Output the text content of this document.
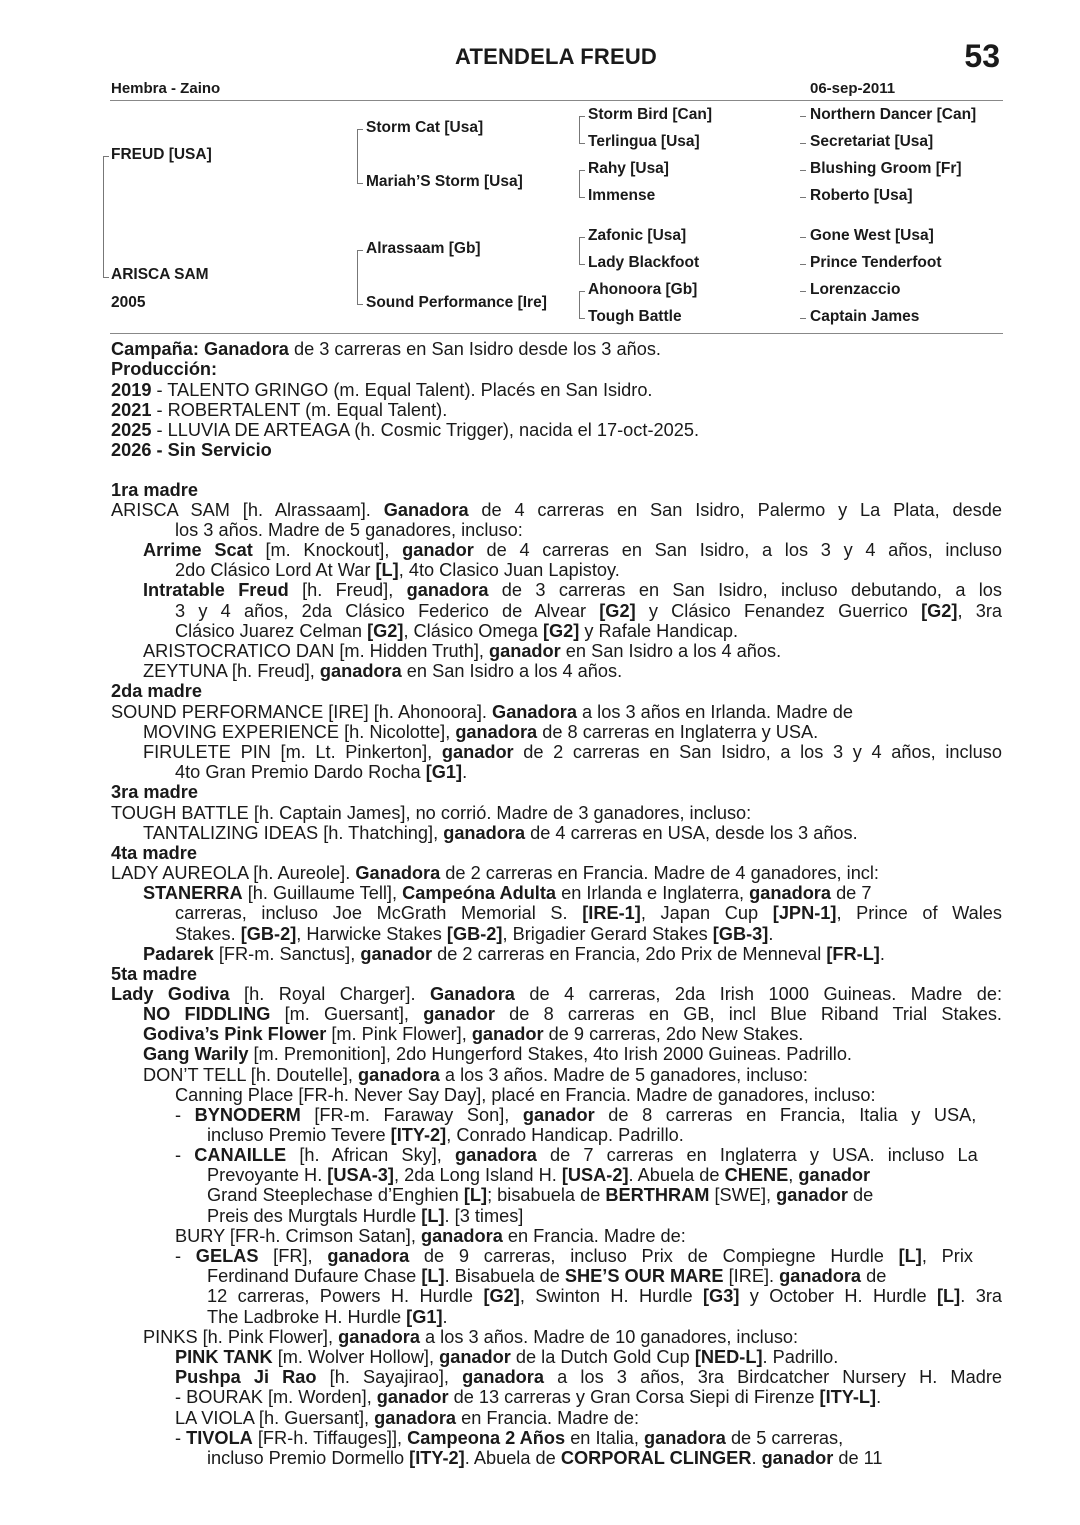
ATENDELA FREUD	53
Hembra - Zaino	06-sep-2011
FREUD [USA]
ARISCA SAM
2005
Storm Cat [Usa]
Mariah’S Storm [Usa]
Alrassaam [Gb]
Sound Performance [Ire]
Storm Bird [Can]
Terlingua [Usa]
Rahy [Usa]
Immense
Zafonic [Usa]
Lady Blackfoot
Ahonoora [Gb]
Tough Battle
Northern Dancer [Can]
Secretariat [Usa]
Blushing Groom [Fr]
Roberto [Usa]
Gone West [Usa]
Prince Tenderfoot
Lorenzaccio
Captain James
Campaña: Ganadora de 3 carreras en San Isidro desde los 3 años.
Producción:
2019 - TALENTO GRINGO (m. Equal Talent). Placés en San Isidro.
2021 - ROBERTALENT (m. Equal Talent).
2025 - LLUVIA DE ARTEAGA (h. Cosmic Trigger), nacida el 17-oct-2025.
2026 - Sin Servicio
1ra madre
ARISCA SAM [h. Alrassaam]. Ganadora de 4 carreras en San Isidro, Palermo y La Plata, desde
los 3 años. Madre de 5 ganadores, incluso:
Arrime Scat [m. Knockout], ganador de 4 carreras en San Isidro, a los 3 y 4 años, incluso
2do Clásico Lord At War [L], 4to Clasico Juan Lapistoy.
Intratable Freud [h. Freud], ganadora de 3 carreras en San Isidro, incluso debutando, a los
3 y 4 años, 2da Clásico Federico de Alvear [G2] y Clásico Fenandez Guerrico [G2], 3ra
Clásico Juarez Celman [G2], Clásico Omega [G2] y Rafale Handicap.
ARISTOCRATICO DAN [m. Hidden Truth], ganador en San Isidro a los 4 años.
ZEYTUNA [h. Freud], ganadora en San Isidro a los 4 años.
2da madre
SOUND PERFORMANCE [IRE] [h. Ahonoora]. Ganadora a los 3 años en Irlanda. Madre de
MOVING EXPERIENCE [h. Nicolotte], ganadora de 8 carreras en Inglaterra y USA.
FIRULETE PIN [m. Lt. Pinkerton], ganador de 2 carreras en San Isidro, a los 3 y 4 años, incluso
4to Gran Premio Dardo Rocha [G1].
3ra madre
TOUGH BATTLE [h. Captain James], no corrió. Madre de 3 ganadores, incluso:
TANTALIZING IDEAS [h. Thatching], ganadora de 4 carreras en USA, desde los 3 años.
4ta madre
LADY AUREOLA [h. Aureole]. Ganadora de 2 carreras en Francia. Madre de 4 ganadores, incl:
STANERRA [h. Guillaume Tell], Campeóna Adulta en Irlanda e Inglaterra, ganadora de 7
carreras, incluso Joe McGrath Memorial S. [IRE-1], Japan Cup [JPN-1], Prince of Wales
Stakes. [GB-2], Harwicke Stakes [GB-2], Brigadier Gerard Stakes [GB-3].
Padarek [FR-m. Sanctus], ganador de 2 carreras en Francia, 2do Prix de Menneval [FR-L].
5ta madre
Lady Godiva [h. Royal Charger]. Ganadora de 4 carreras, 2da Irish 1000 Guineas. Madre de:
NO FIDDLING [m. Guersant], ganador de 8 carreras en GB, incl Blue Riband Trial Stakes.
Godiva’s Pink Flower [m. Pink Flower], ganador de 9 carreras, 2do New Stakes.
Gang Warily [m. Premonition], 2do Hungerford Stakes, 4to Irish 2000 Guineas. Padrillo.
DON’T TELL [h. Doutelle], ganadora a los 3 años. Madre de 5 ganadores, incluso:
Canning Place [FR-h. Never Say Day], placé en Francia. Madre de ganadores, incluso:
- BYNODERM [FR-m. Faraway Son], ganador de 8 carreras en Francia, Italia y USA,
incluso Premio Tevere [ITY-2], Conrado Handicap. Padrillo.
- CANAILLE [h. African Sky], ganadora de 7 carreras en Inglaterra y USA. incluso La
Prevoyante H. [USA-3], 2da Long Island H. [USA-2]. Abuela de CHENE, ganador
Grand Steeplechase d’Enghien [L]; bisabuela de BERTHRAM [SWE], ganador de
Preis des Murgtals Hurdle [L]. [3 times]
BURY [FR-h. Crimson Satan], ganadora en Francia. Madre de:
- GELAS [FR], ganadora de 9 carreras, incluso Prix de Compiegne Hurdle [L], Prix
Ferdinand Dufaure Chase [L]. Bisabuela de SHE’S OUR MARE [IRE]. ganadora de
12 carreras, Powers H. Hurdle [G2], Swinton H. Hurdle [G3] y October H. Hurdle [L]. 3ra
The Ladbroke H. Hurdle [G1].
PINKS [h. Pink Flower], ganadora a los 3 años. Madre de 10 ganadores, incluso:
PINK TANK [m. Wolver Hollow], ganador de la Dutch Gold Cup [NED-L]. Padrillo.
Pushpa Ji Rao [h. Sayajirao], ganadora a los 3 años, 3ra Birdcatcher Nursery H. Madre
- BOURAK [m. Worden], ganador de 13 carreras y Gran Corsa Siepi di Firenze [ITY-L].
LA VIOLA [h. Guersant], ganadora en Francia. Madre de:
- TIVOLA [FR-h. Tiffauges]], Campeona 2 Años en Italia, ganadora de 5 carreras,
incluso Premio Dormello [ITY-2]. Abuela de CORPORAL CLINGER. ganador de 11
